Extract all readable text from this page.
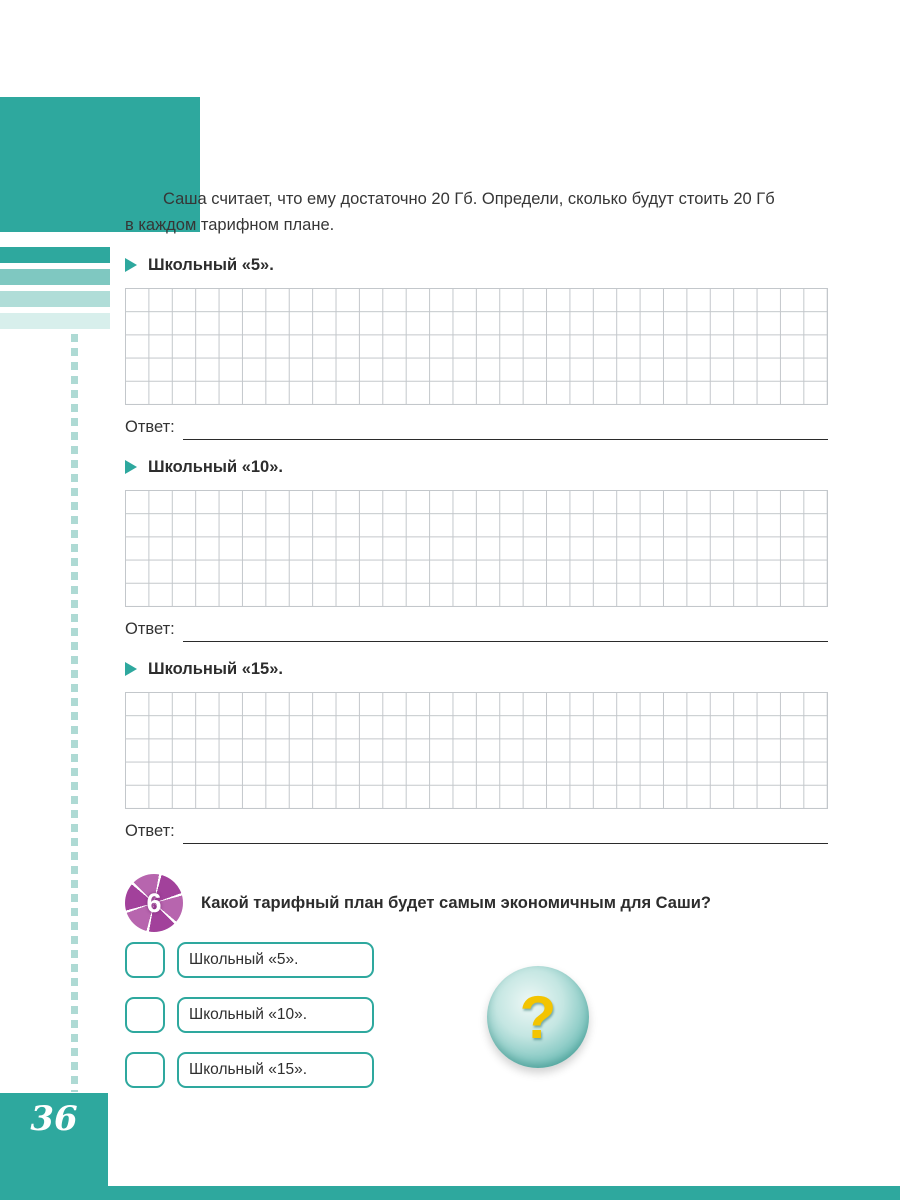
36

Саша считает, что ему достаточно 20 Гб. Определи, сколько будут стоить 20 Гб
в каждом тарифном плане.

Школьный «5».
Ответ:
Школьный «10».
Ответ:
Школьный «15».
Ответ:
6 Какой тарифный план будет самым экономичным для Саши?
Школьный «5».
Школьный «10».
Школьный «15».
?
